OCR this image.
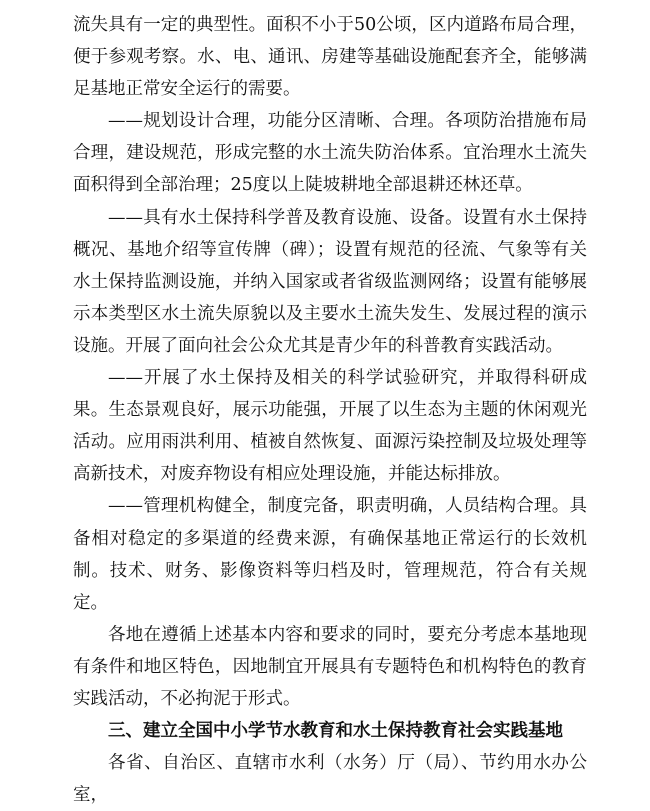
流失具有一定的典型性。面积不小于50公顷，区内道路布局合理，便于参观考察。水、电、通讯、房建等基础设施配套齐全，能够满足基地正常安全运行的需要。

——规划设计合理，功能分区清晰、合理。各项防治措施布局合理，建设规范，形成完整的水土流失防治体系。宜治理水土流失面积得到全部治理；25度以上陡坡耕地全部退耕还林还草。

——具有水土保持科学普及教育设施、设备。设置有水土保持概况、基地介绍等宣传牌（碑）；设置有规范的径流、气象等有关水土保持监测设施，并纳入国家或者省级监测网络；设置有能够展示本类型区水土流失原貌以及主要水土流失发生、发展过程的演示设施。开展了面向社会公众尤其是青少年的科普教育实践活动。

——开展了水土保持及相关的科学试验研究，并取得科研成果。生态景观良好，展示功能强，开展了以生态为主题的休闲观光活动。应用雨洪利用、植被自然恢复、面源污染控制及垃圾处理等高新技术，对废弃物设有相应处理设施，并能达标排放。

——管理机构健全，制度完备，职责明确，人员结构合理。具备相对稳定的多渠道的经费来源，有确保基地正常运行的长效机制。技术、财务、影像资料等归档及时，管理规范，符合有关规定。

各地在遵循上述基本内容和要求的同时，要充分考虑本基地现有条件和地区特色，因地制宜开展具有专题特色和机构特色的教育实践活动，不必拘泥于形式。

三、建立全国中小学节水教育和水土保持教育社会实践基地

各省、自治区、直辖市水利（水务）厅（局）、节约用水办公室，
